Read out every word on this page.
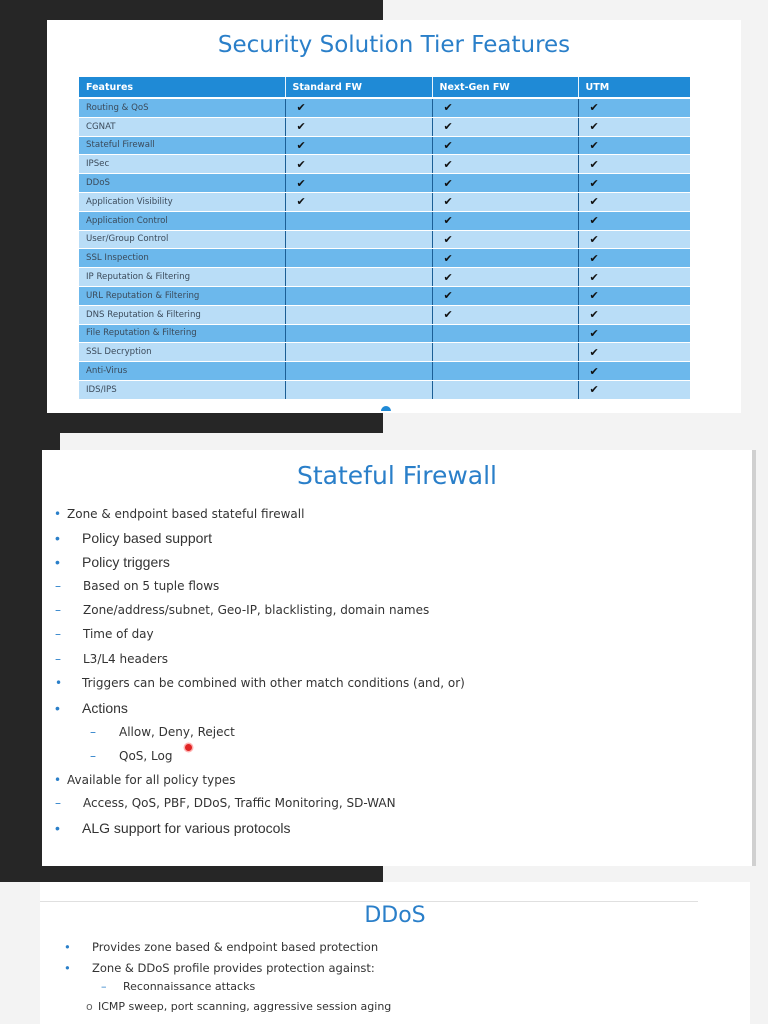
Security Solution Tier Features
Features	Standard FW	Next-Gen FW	UTM
Routing & QoS	✔	✔	✔
CGNAT	✔	✔	✔
Stateful Firewall	✔	✔	✔
IPSec	✔	✔	✔
DDoS	✔	✔	✔
Application Visibility	✔	✔	✔
Application Control		✔	✔
User/Group Control		✔	✔
SSL Inspection		✔	✔
IP Reputation & Filtering		✔	✔
URL Reputation & Filtering		✔	✔
DNS Reputation & Filtering		✔	✔
File Reputation & Filtering			✔
SSL Decryption			✔
Anti-Virus			✔
IDS/IPS			✔
Stateful Firewall
• Zone & endpoint based stateful firewall
• Policy based support
• Policy triggers
– Based on 5 tuple flows
– Zone/address/subnet, Geo-IP, blacklisting, domain names
– Time of day
– L3/L4 headers
• Triggers can be combined with other match conditions (and, or)
• Actions
– Allow, Deny, Reject
– QoS, Log
• Available for all policy types
– Access, QoS, PBF, DDoS, Traffic Monitoring, SD-WAN
• ALG support for various protocols
DDoS
• Provides zone based & endpoint based protection
• Zone & DDoS profile provides protection against:
– Reconnaissance attacks
o ICMP sweep, port scanning, aggressive session aging
